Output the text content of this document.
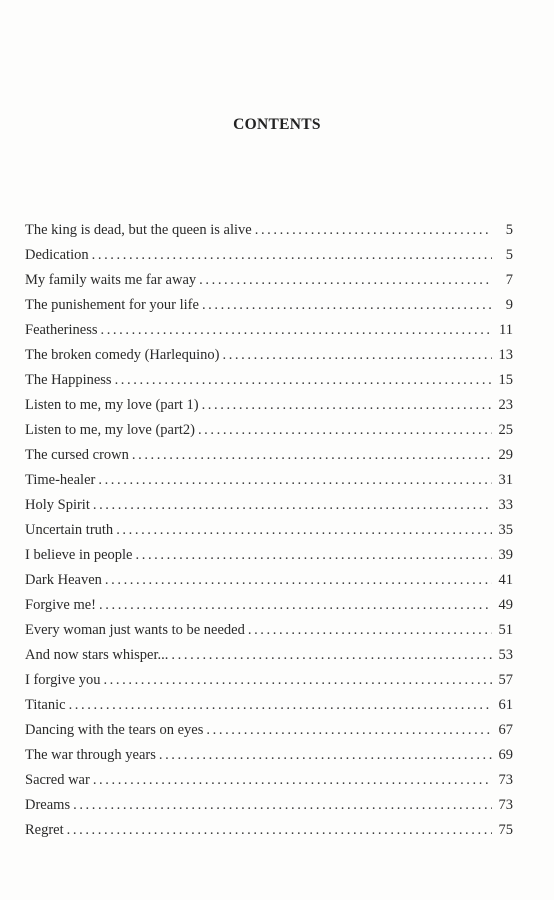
CONTENTS
The king is dead, but the queen is alive .....	5
Dedication .....	5
My family waits me far away .....	7
The punishement for your life .....	9
Featheriness .....	11
The broken comedy (Harlequino) .....	13
The Happiness .....	15
Listen to me, my love (part 1) .....	23
Listen to me, my love (part2) .....	25
The cursed crown .....	29
Time-healer .....	31
Holy Spirit .....	33
Uncertain truth .....	35
I believe in people .....	39
Dark Heaven .....	41
Forgive me! .....	49
Every woman just wants to be needed .....	51
And now stars whisper... .....	53
I forgive you .....	57
Titanic .....	61
Dancing with the tears on eyes .....	67
The war through years .....	69
Sacred war .....	73
Dreams .....	73
Regret .....	75
